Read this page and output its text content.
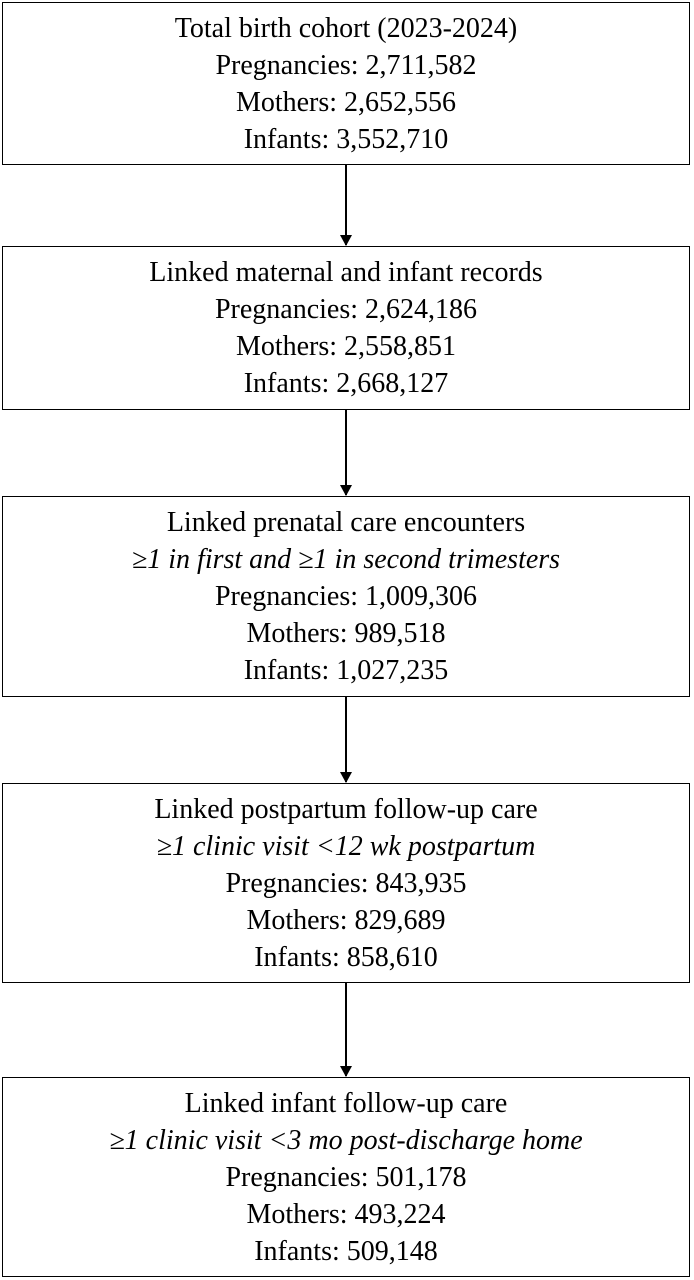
Total birth cohort (2023-2024)
Pregnancies: 2,711,582
Mothers: 2,652,556
Infants: 3,552,710
Linked maternal and infant records
Pregnancies: 2,624,186
Mothers: 2,558,851
Infants: 2,668,127
Linked prenatal care encounters
≥1 in first and ≥1 in second trimesters
Pregnancies: 1,009,306
Mothers: 989,518
Infants: 1,027,235
Linked postpartum follow-up care
≥1 clinic visit <12 wk postpartum
Pregnancies: 843,935
Mothers: 829,689
Infants: 858,610
Linked infant follow-up care
≥1 clinic visit <3 mo post-discharge home
Pregnancies: 501,178
Mothers: 493,224
Infants: 509,148
